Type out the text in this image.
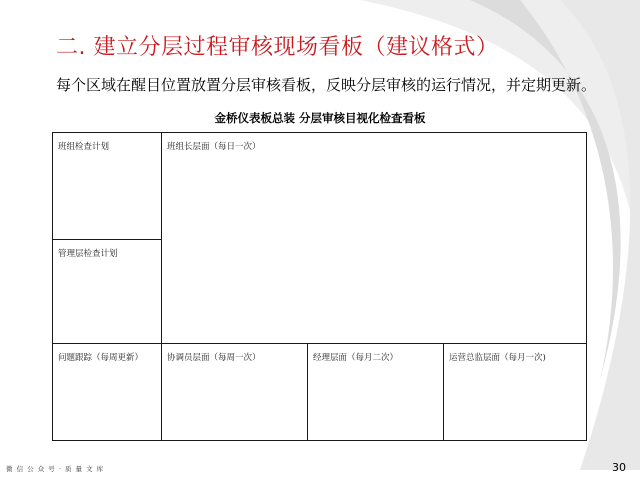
二. 建立分层过程审核现场看板（建议格式）
每个区域在醒目位置放置分层审核看板，反映分层审核的运行情况，并定期更新。
金桥仪表板总装 分层审核目视化检查看板
班组检查计划
管理层检查计划
班组长层面（每日一次）
问题跟踪（每周更新）	协调员层面（每周一次）	经理层面（每月二次）	运营总监层面（每月一次)
微 信 公 众 号 · 质 量 文 库	30
